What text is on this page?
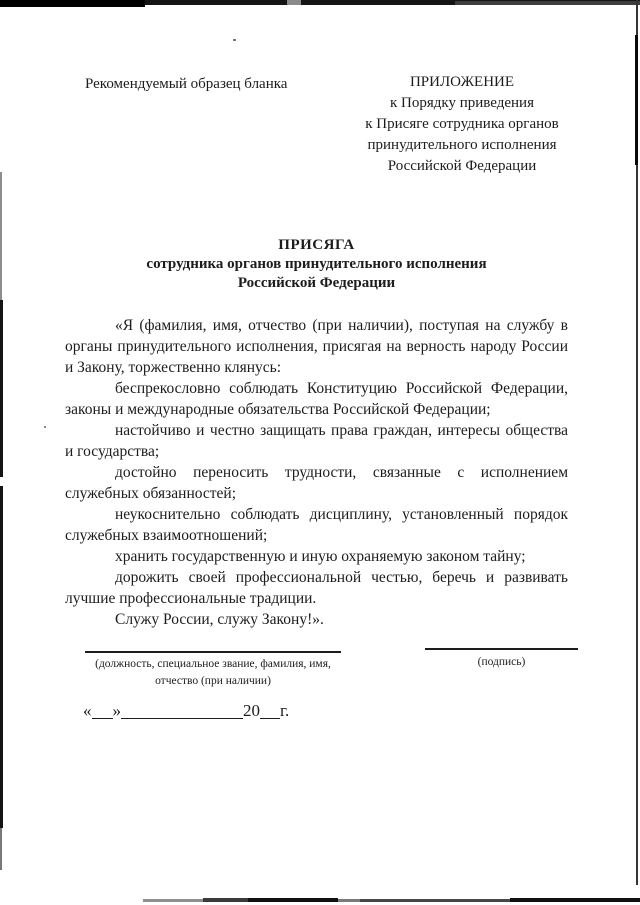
Рекомендуемый образец бланка	ПРИЛОЖЕНИЕ
к Порядку приведения
к Присяге сотрудника органов
принудительного исполнения
Российской Федерации
ПРИСЯГА
сотрудника органов принудительного исполнения
Российской Федерации

«Я (фамилия, имя, отчество (при наличии), поступая на службу в органы принудительного исполнения, присягая на верность народу России и Закону, торжественно клянусь:

беспрекословно соблюдать Конституцию Российской Федерации, законы и международные обязательства Российской Федерации;

настойчиво и честно защищать права граждан, интересы общества и государства;

достойно переносить трудности, связанные с исполнением служебных обязанностей;

неукоснительно соблюдать дисциплину, установленный порядок служебных взаимоотношений;

хранить государственную и иную охраняемую законом тайну;

дорожить своей профессиональной честью, беречь и развивать лучшие профессиональные традиции.

Служу России, служу Закону!».

(должность, специальное звание, фамилия, имя,
отчество (при наличии)
(подпись)
« »	20 г.
